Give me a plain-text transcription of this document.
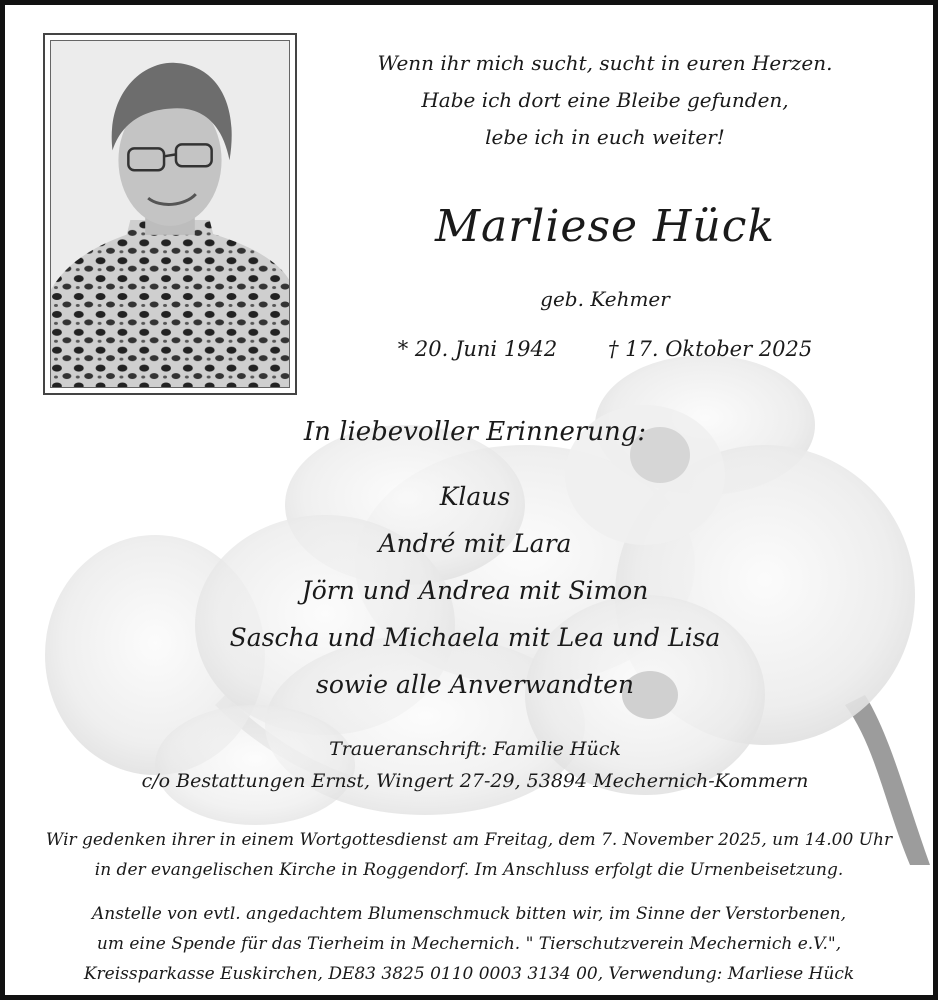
Wenn ihr mich sucht, sucht in euren Herzen.
Habe ich dort eine Bleibe gefunden,
lebe ich in euch weiter!
Marliese Hück
geb. Kehmer
* 20. Juni 1942 † 17. Oktober 2025
In liebevoller Erinnerung:
Klaus
André mit Lara
Jörn und Andrea mit Simon
Sascha und Michaela mit Lea und Lisa
sowie alle Anverwandten
Traueranschrift: Familie Hück
c/o Bestattungen Ernst, Wingert 27-29, 53894 Mechernich-Kommern
Wir gedenken ihrer in einem Wortgottesdienst am Freitag, dem 7. November 2025, um 14.00 Uhr
in der evangelischen Kirche in Roggendorf. Im Anschluss erfolgt die Urnenbeisetzung.
Anstelle von evtl. angedachtem Blumenschmuck bitten wir, im Sinne der Verstorbenen,
um eine Spende für das Tierheim in Mechernich. " Tierschutzverein Mechernich e.V.",
Kreissparkasse Euskirchen, DE83 3825 0110 0003 3134 00, Verwendung: Marliese Hück
